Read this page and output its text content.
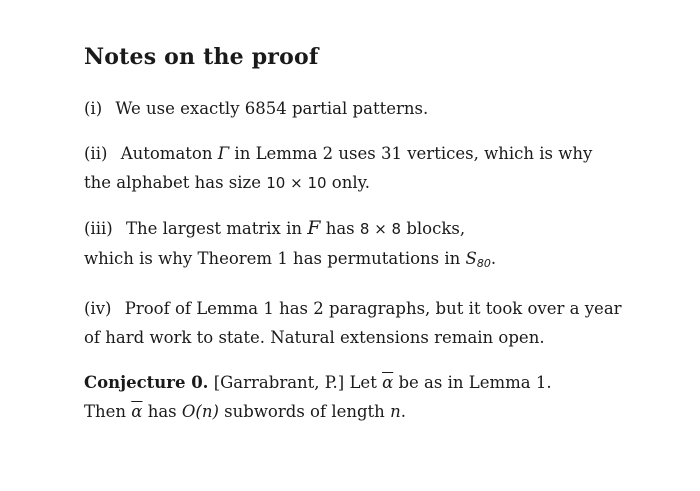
Notes on the proof
(i) We use exactly 6854 partial patterns.
(ii) Automaton Γ in Lemma 2 uses 31 vertices, which is why
the alphabet has size 10 × 10 only.
(iii) The largest matrix in F has 8 × 8 blocks,
which is why Theorem 1 has permutations in $S_{80}$.
(iv) Proof of Lemma 1 has 2 paragraphs, but it took over a year
of hard work to state. Natural extensions remain open.
Conjecture 0. [Garrabrant, P.] Let $\overline{\alpha}$ be as in Lemma 1.
Then $\overline{\alpha}$ has O(n) subwords of length n.
